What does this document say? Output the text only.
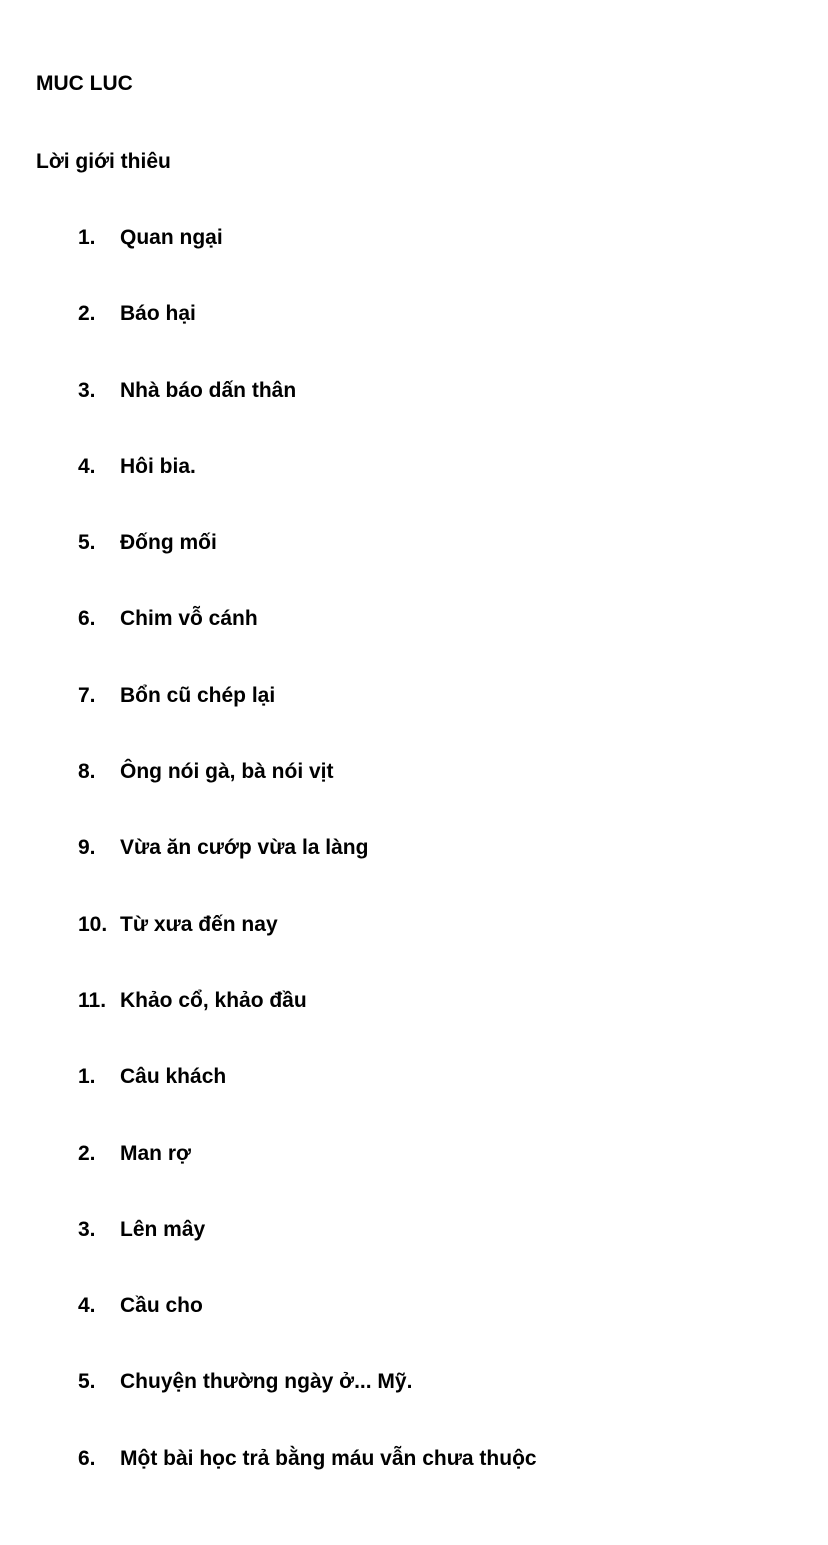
MUC LUC
Lời giới thiêu
1. Quan ngại
2. Báo hại
3. Nhà báo dấn thân
4. Hôi bia.
5. Đống mối
6. Chim vỗ cánh
7. Bổn cũ chép lại
8. Ông nói gà, bà nói vịt
9. Vừa ăn cướp vừa la làng
10. Từ xưa đến nay
11. Khảo cổ, khảo đầu
1. Câu khách
2. Man rợ
3. Lên mây
4. Cầu cho
5. Chuyện thường ngày ở... Mỹ.
6. Một bài học trả bằng máu vẫn chưa thuộc
